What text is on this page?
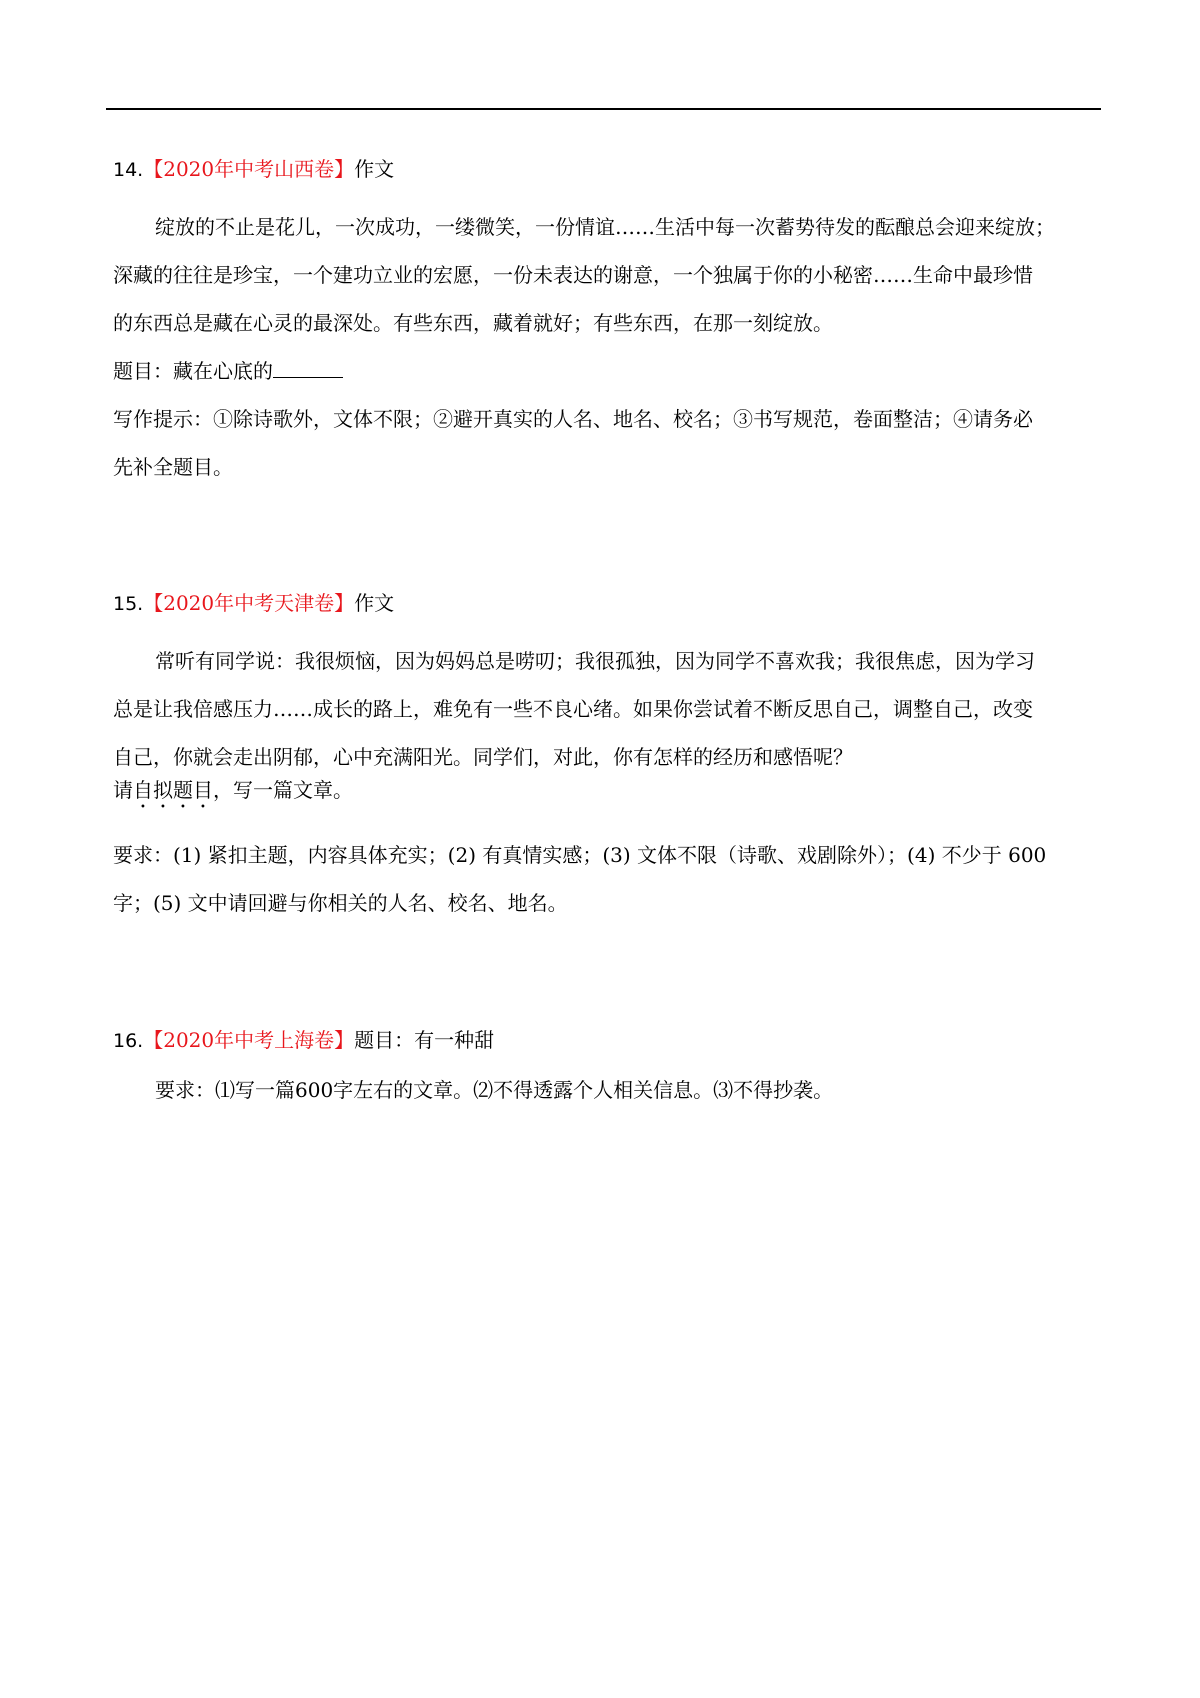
14.【2020年中考山西卷】作文
绽放的不止是花儿，一次成功，一缕微笑，一份情谊……生活中每一次蓄势待发的酝酿总会迎来绽放；
深藏的往往是珍宝，一个建功立业的宏愿，一份未表达的谢意，一个独属于你的小秘密……生命中最珍惜
的东西总是藏在心灵的最深处。有些东西，藏着就好；有些东西，在那一刻绽放。
题目：藏在心底的
写作提示：①除诗歌外，文体不限；②避开真实的人名、地名、校名；③书写规范，卷面整洁；④请务必
先补全题目。
15.【2020年中考天津卷】作文
常听有同学说：我很烦恼，因为妈妈总是唠叨；我很孤独，因为同学不喜欢我；我很焦虑，因为学习
总是让我倍感压力……成长的路上，难免有一些不良心绪。如果你尝试着不断反思自己，调整自己，改变
自己，你就会走出阴郁，心中充满阳光。同学们，对此，你有怎样的经历和感悟呢？
请自拟题目，写一篇文章。
要求：(1) 紧扣主题，内容具体充实；(2) 有真情实感；(3) 文体不限（诗歌、戏剧除外）；(4) 不少于 600
字；(5) 文中请回避与你相关的人名、校名、地名。
16.【2020年中考上海卷】题目：有一种甜
要求：⑴写一篇600字左右的文章。⑵不得透露个人相关信息。⑶不得抄袭。
